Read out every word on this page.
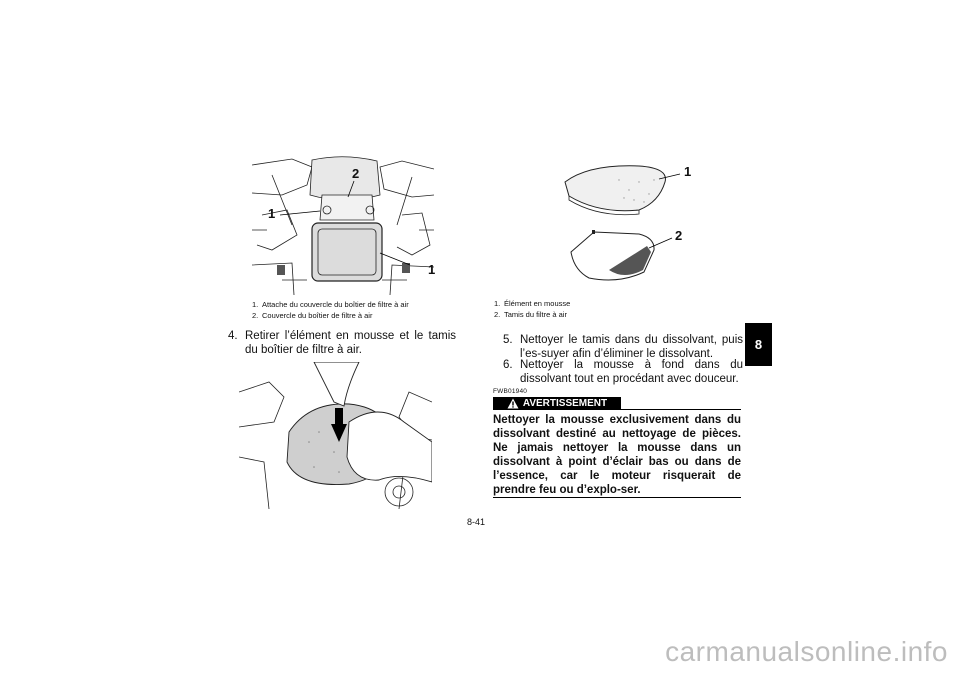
1
2
1
1. Attache du couvercle du boîtier de filtre à air
2. Couvercle du boîtier de filtre à air
4. Retirer l’élément en mousse et le tamis du boîtier de filtre à air.
1
2
1. Élément en mousse
2. Tamis du filtre à air
5. Nettoyer le tamis dans du dissolvant, puis l’es-suyer afin d’éliminer le dissolvant.
6. Nettoyer la mousse à fond dans du dissolvant tout en procédant avec douceur.
FWB01940
AVERTISSEMENT
Nettoyer la mousse exclusivement dans du dissolvant destiné au nettoyage de pièces. Ne jamais nettoyer la mousse dans un dissolvant à point d’éclair bas ou dans de l’essence, car le moteur risquerait de prendre feu ou d’explo-ser.
8
8-41
carmanualsonline.info
